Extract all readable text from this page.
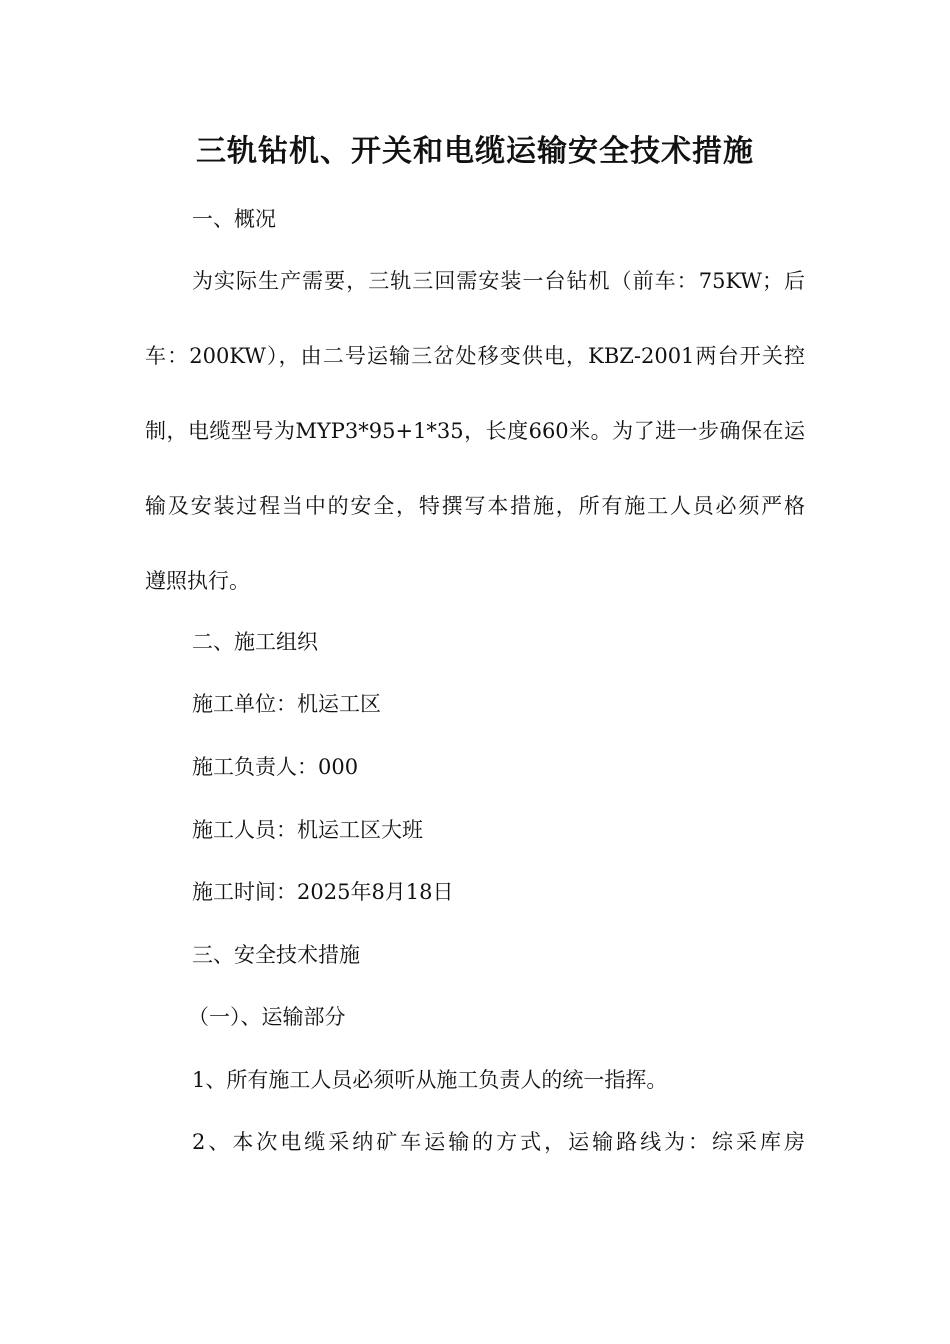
三轨钻机、开关和电缆运输安全技术措施
一、概况
为实际生产需要，三轨三回需安装一台钻机（前车：75KW；后
车：200KW），由二号运输三岔处移变供电，KBZ-2001两台开关控
制，电缆型号为MYP3*95+1*35，长度660米。为了进一步确保在运
输及安装过程当中的安全，特撰写本措施，所有施工人员必须严格
遵照执行。
二、施工组织
施工单位：机运工区
施工负责人：000
施工人员：机运工区大班
施工时间：2025年8月18日
三、安全技术措施
（一）、运输部分
1、所有施工人员必须听从施工负责人的统一指挥。
2、本次电缆采纳矿车运输的方式，运输路线为：综采库房
